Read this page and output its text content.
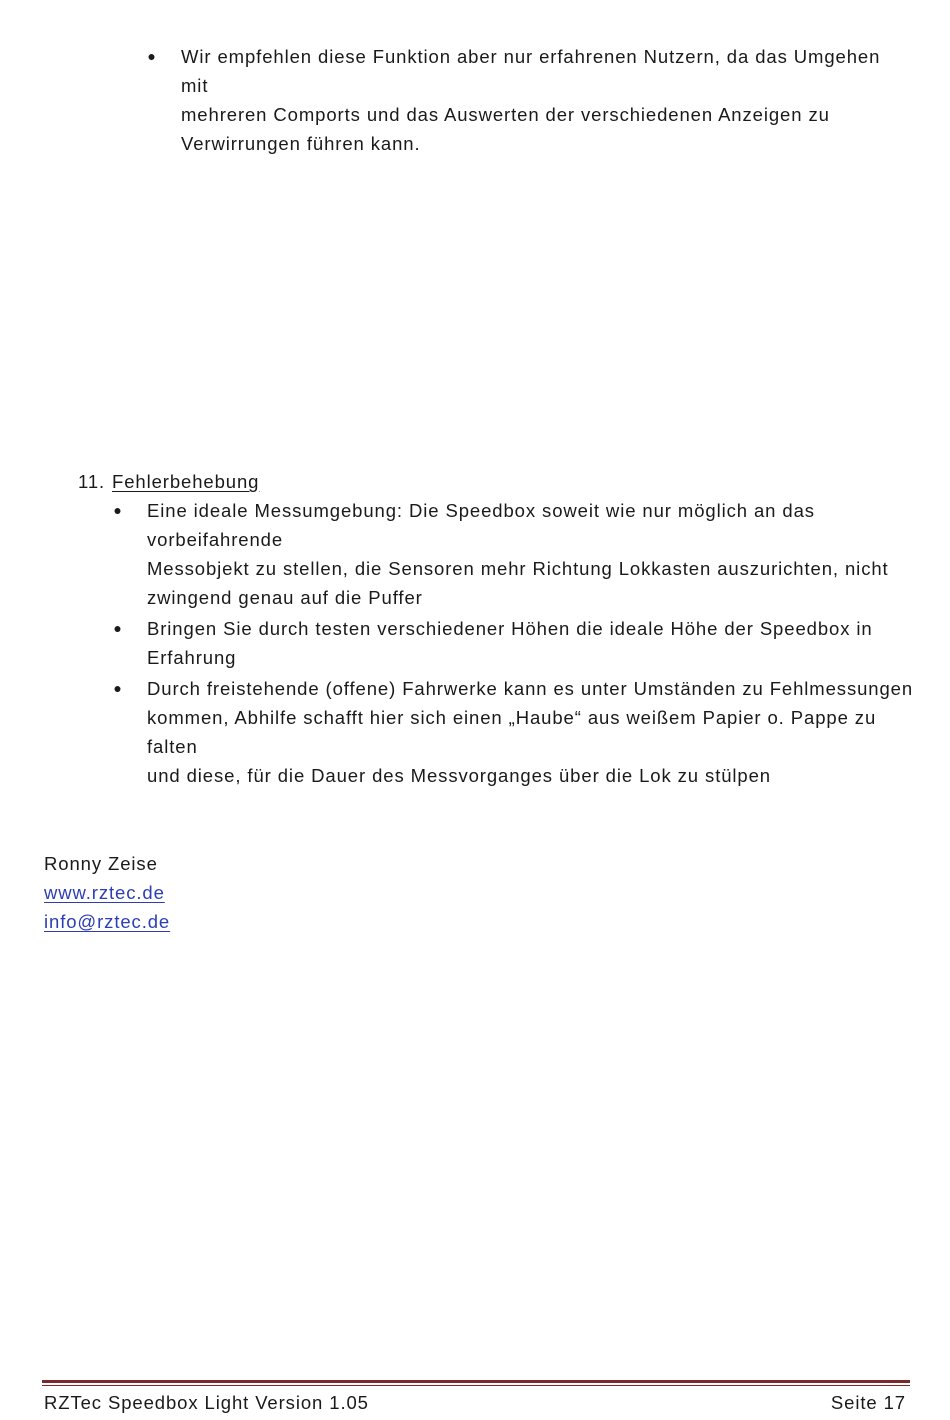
● Wir empfehlen diese Funktion aber nur erfahrenen Nutzern, da das Umgehen mit
mehreren Comports und das Auswerten der verschiedenen Anzeigen zu
Verwirrungen führen kann.
11. Fehlerbehebung
● Eine ideale Messumgebung: Die Speedbox soweit wie nur möglich an das vorbeifahrende
Messobjekt zu stellen, die Sensoren mehr Richtung Lokkasten auszurichten, nicht
zwingend genau auf die Puffer
● Bringen Sie durch testen verschiedener Höhen die ideale Höhe der Speedbox in
Erfahrung
● Durch freistehende (offene) Fahrwerke kann es unter Umständen zu Fehlmessungen
kommen, Abhilfe schafft hier sich einen „Haube“ aus weißem Papier o. Pappe zu falten
und diese, für die Dauer des Messvorganges über die Lok zu stülpen
Ronny Zeise
www.rztec.de
info@rztec.de
RZTec Speedbox Light Version 1.05	Seite 17
